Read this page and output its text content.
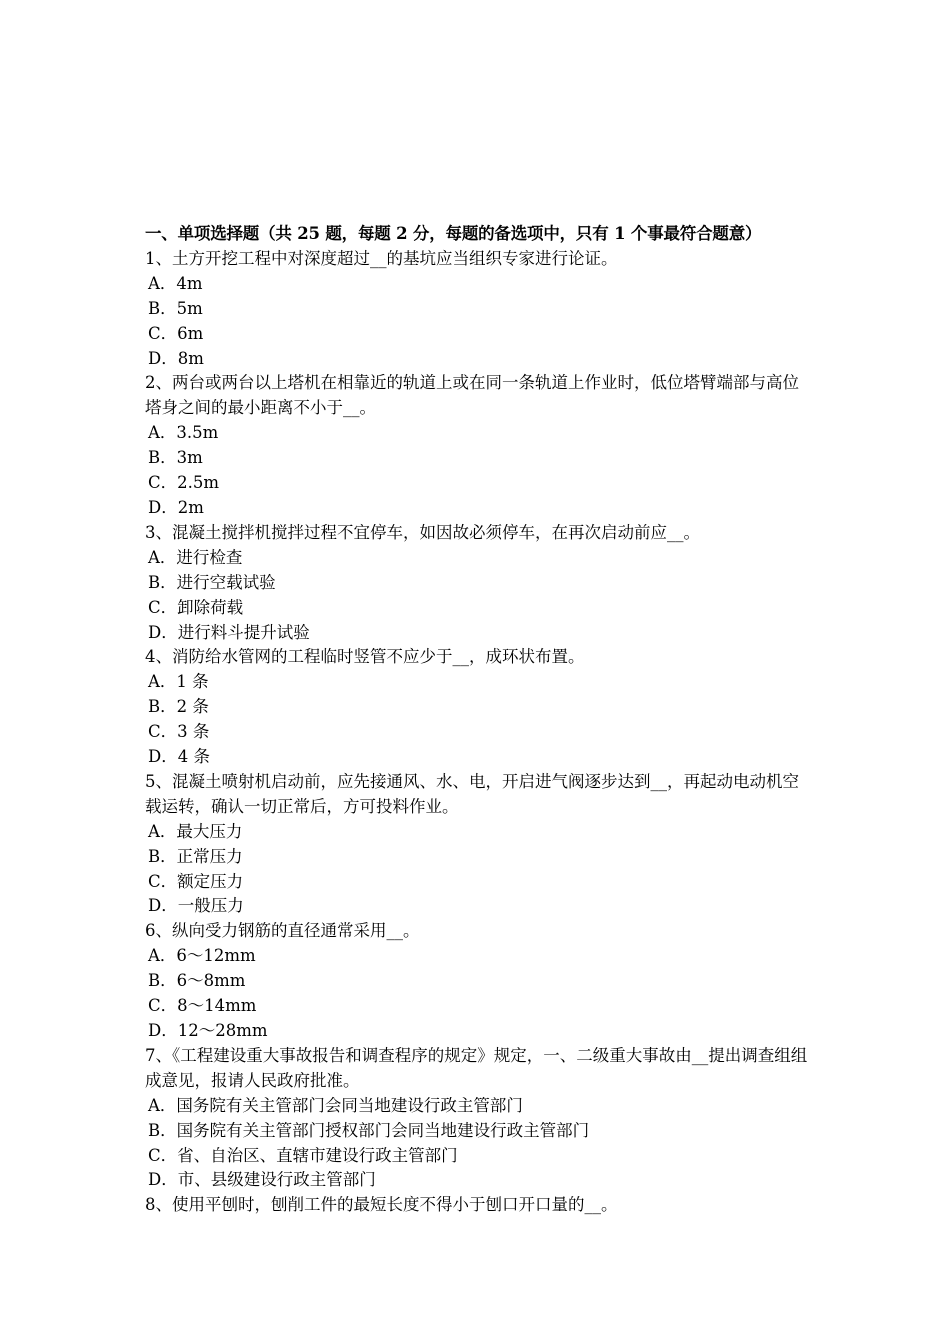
一、单项选择题（共 25 题，每题 2 分，每题的备选项中，只有 1 个事最符合题意）
1、土方开挖工程中对深度超过__的基坑应当组织专家进行论证。
A．4m
B．5m
C．6m
D．8m
2、两台或两台以上塔机在相靠近的轨道上或在同一条轨道上作业时，低位塔臂端部与高位塔身之间的最小距离不小于__。
A．3.5m
B．3m
C．2.5m
D．2m
3、混凝土搅拌机搅拌过程不宜停车，如因故必须停车，在再次启动前应__。
A．进行检查
B．进行空载试验
C．卸除荷载
D．进行料斗提升试验
4、消防给水管网的工程临时竖管不应少于__，成环状布置。
A．1 条
B．2 条
C．3 条
D．4 条
5、混凝土喷射机启动前，应先接通风、水、电，开启进气阀逐步达到__，再起动电动机空载运转，确认一切正常后，方可投料作业。
A．最大压力
B．正常压力
C．额定压力
D．一般压力
6、纵向受力钢筋的直径通常采用__。
A．6～12mm
B．6～8mm
C．8～14mm
D．12～28mm
7、《工程建设重大事故报告和调查程序的规定》规定，一、二级重大事故由__提出调查组组成意见，报请人民政府批准。
A．国务院有关主管部门会同当地建设行政主管部门
B．国务院有关主管部门授权部门会同当地建设行政主管部门
C．省、自治区、直辖市建设行政主管部门
D．市、县级建设行政主管部门
8、使用平刨时，刨削工件的最短长度不得小于刨口开口量的__。
